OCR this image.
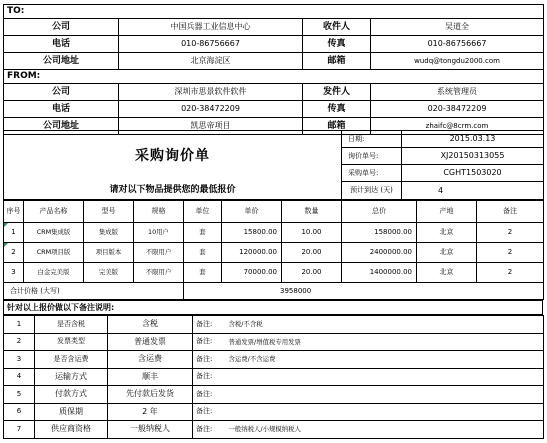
TO:			
公司	中国兵器工业信息中心	收件人	吴道全
电话	010-86756667	传真	010-86756667
公司地址	北京海淀区	邮箱	wudq@tongdu2000.com
FROM:			
公司	深圳市思景软件软件	发件人	系统管理员
电话	020-38472209	传真	020-38472209
公司地址	凯思帝项目	邮箱	zhaifc@8crm.com
采购询价单	日期:	2015.03.13
	询价单号:	XJ20150313055
	采购单号:	CGHT1503020
请对以下物品提供您的最低报价	预计到达 (天)	4
序号	产品名称	型号	规格	单位	单价	数量	总价	产地	备注
1	CRM集成版	集成版	10用户	套	15800.00	10.00	158000.00	北京	2
2	CRM项目版	项目版本	不限用户	套	120000.00	20.00	2400000.00	北京	2
3	白金完美版	完美版	不限用户	套	70000.00	20.00	1400000.00	北京	2
合计价格 (大写)				3958000					
针对以上报价做以下备注说明:
1	是否含税	含税	备注:	含税/不含税
2	发票类型	普通发票	备注:	普通发票/增值税专用发票
3	是否含运费	含运费	备注:	含运费/不含运费
4	运输方式	顺丰	备注:	
5	付款方式	先付款后发货	备注:	
6	质保期	2 年	备注:	
7	供应商资格	一般纳税人	备注:	一般纳税人/小规模纳税人
